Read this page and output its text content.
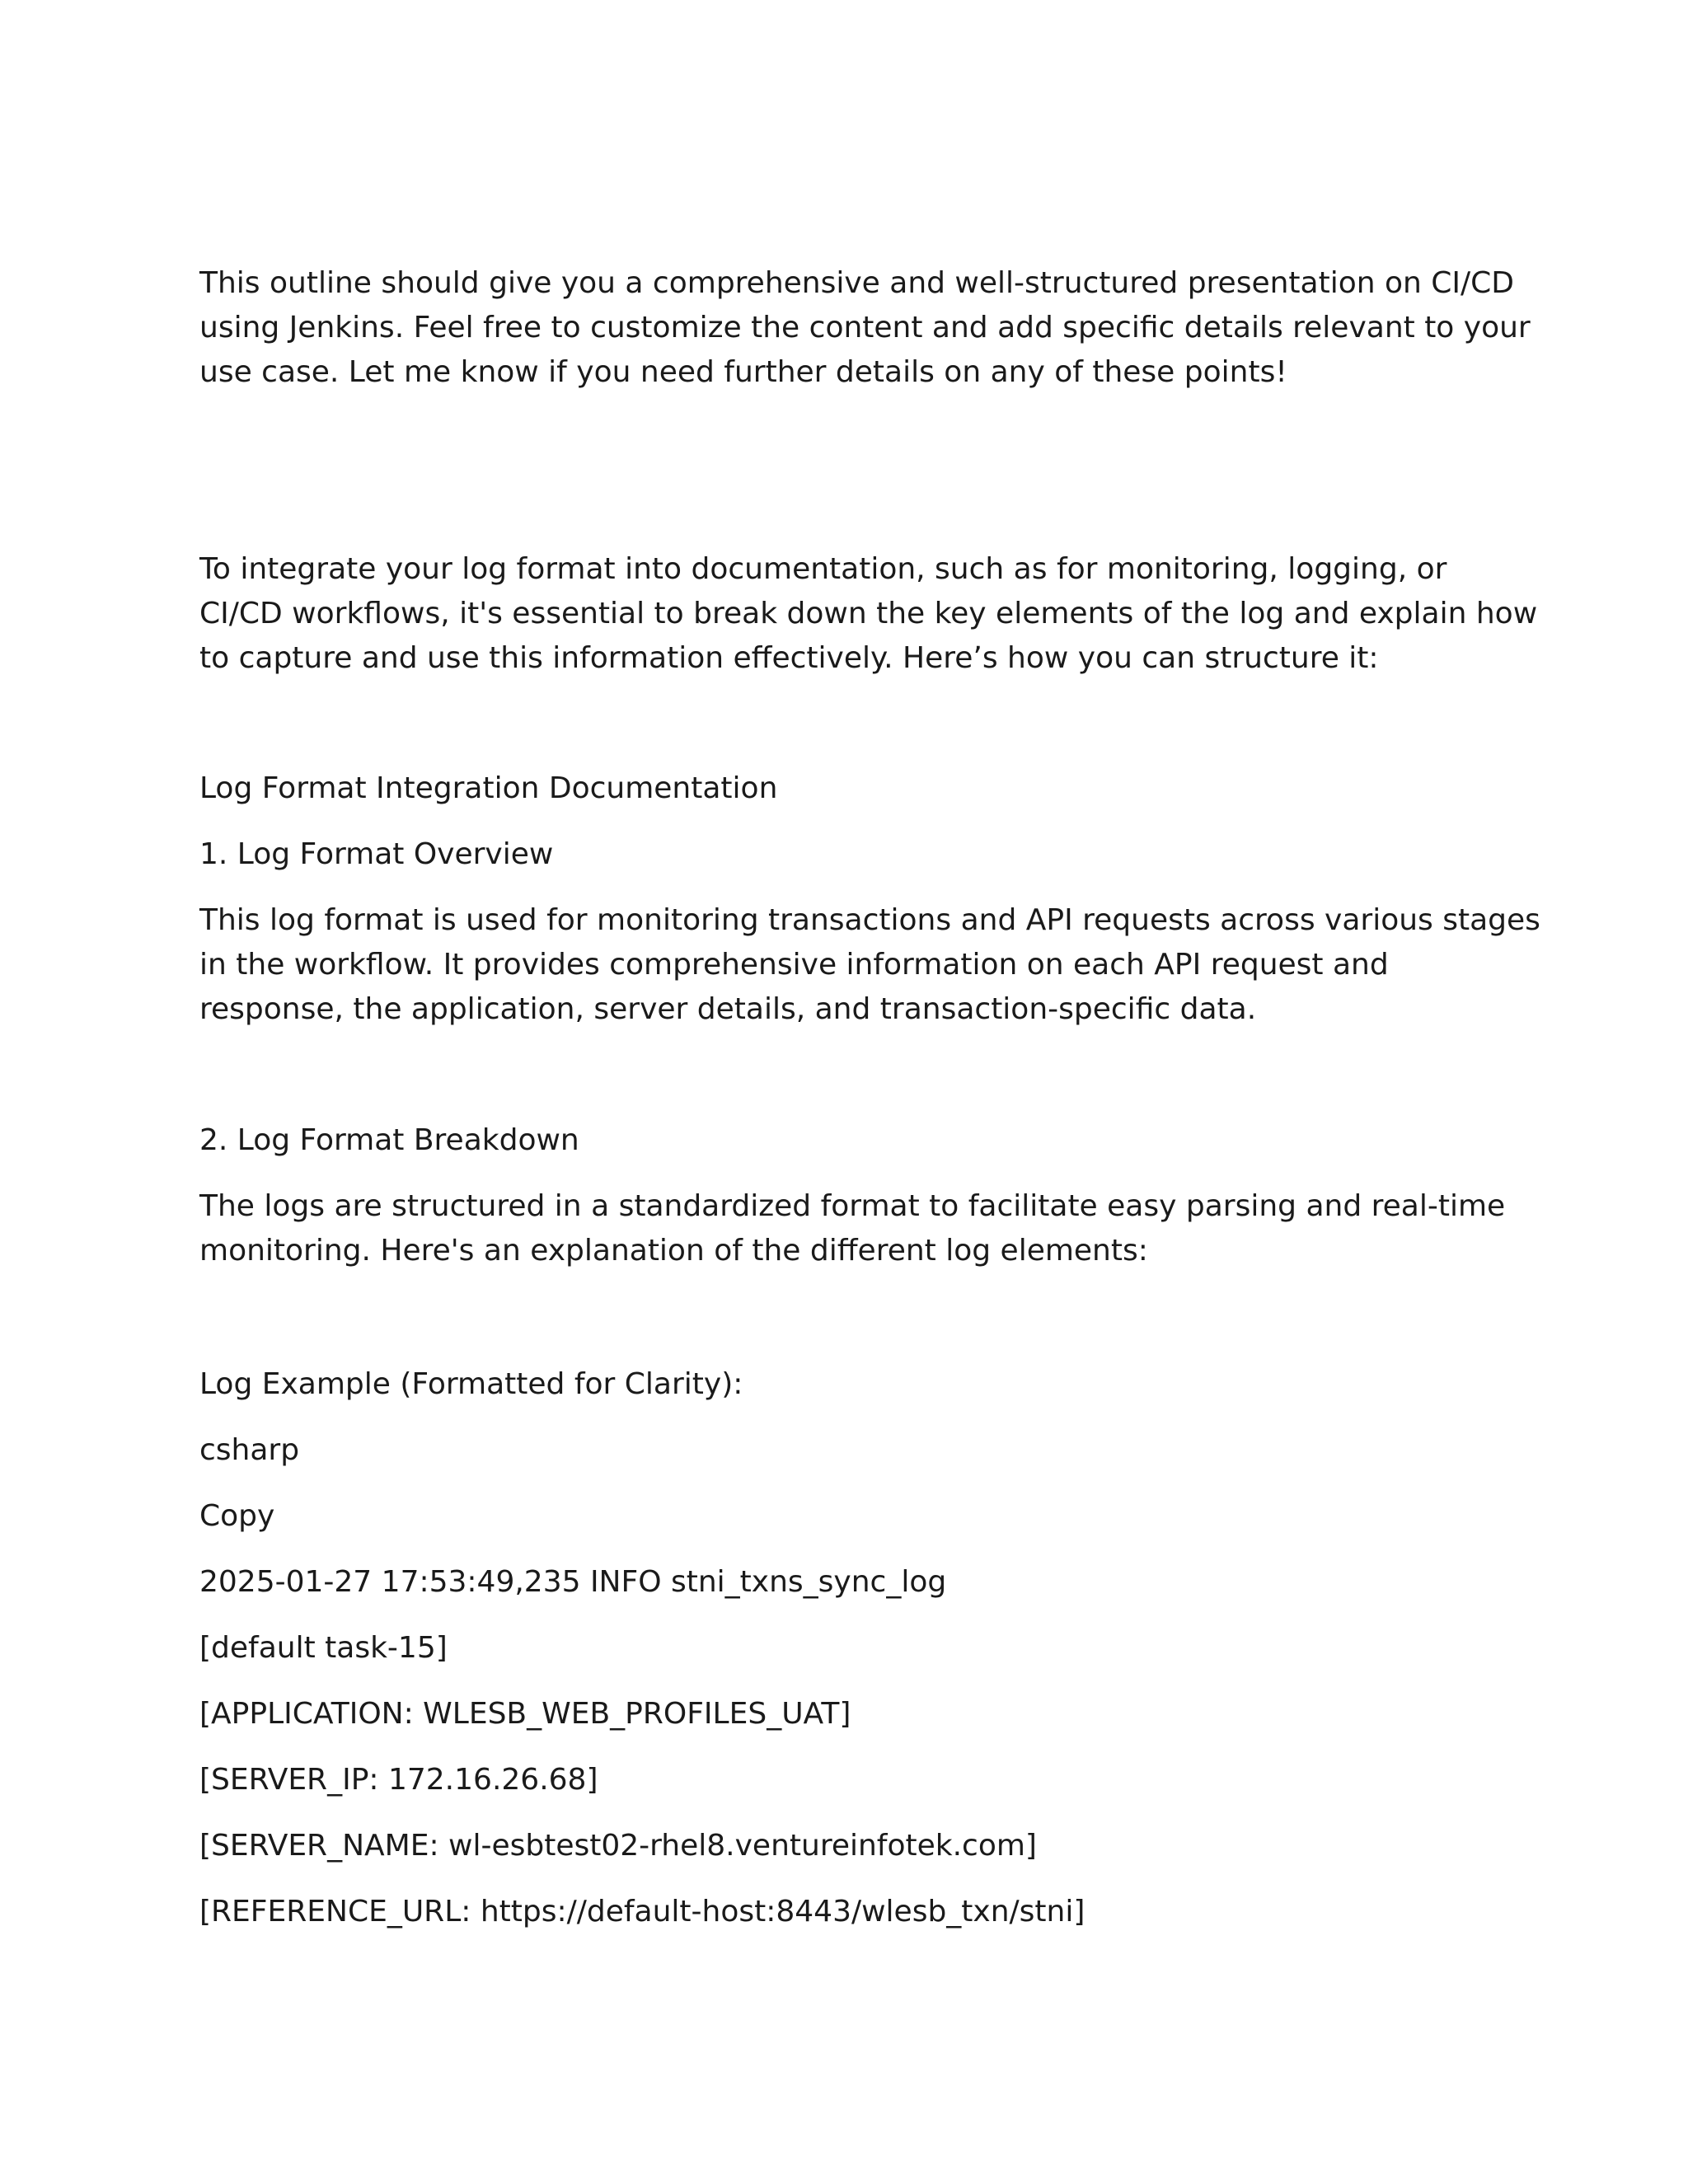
This outline should give you a comprehensive and well-structured presentation on CI/CD
using Jenkins. Feel free to customize the content and add specific details relevant to your
use case. Let me know if you need further details on any of these points!

To integrate your log format into documentation, such as for monitoring, logging, or
CI/CD workflows, it's essential to break down the key elements of the log and explain how
to capture and use this information effectively. Here’s how you can structure it:

Log Format Integration Documentation

1. Log Format Overview

This log format is used for monitoring transactions and API requests across various stages
in the workflow. It provides comprehensive information on each API request and
response, the application, server details, and transaction-specific data.

2. Log Format Breakdown

The logs are structured in a standardized format to facilitate easy parsing and real-time
monitoring. Here's an explanation of the different log elements:

Log Example (Formatted for Clarity):

csharp

Copy

2025-01-27 17:53:49,235 INFO stni_txns_sync_log

[default task-15]

[APPLICATION: WLESB_WEB_PROFILES_UAT]

[SERVER_IP: 172.16.26.68]

[SERVER_NAME: wl-esbtest02-rhel8.ventureinfotek.com]

[REFERENCE_URL: https://default-host:8443/wlesb_txn/stni]
